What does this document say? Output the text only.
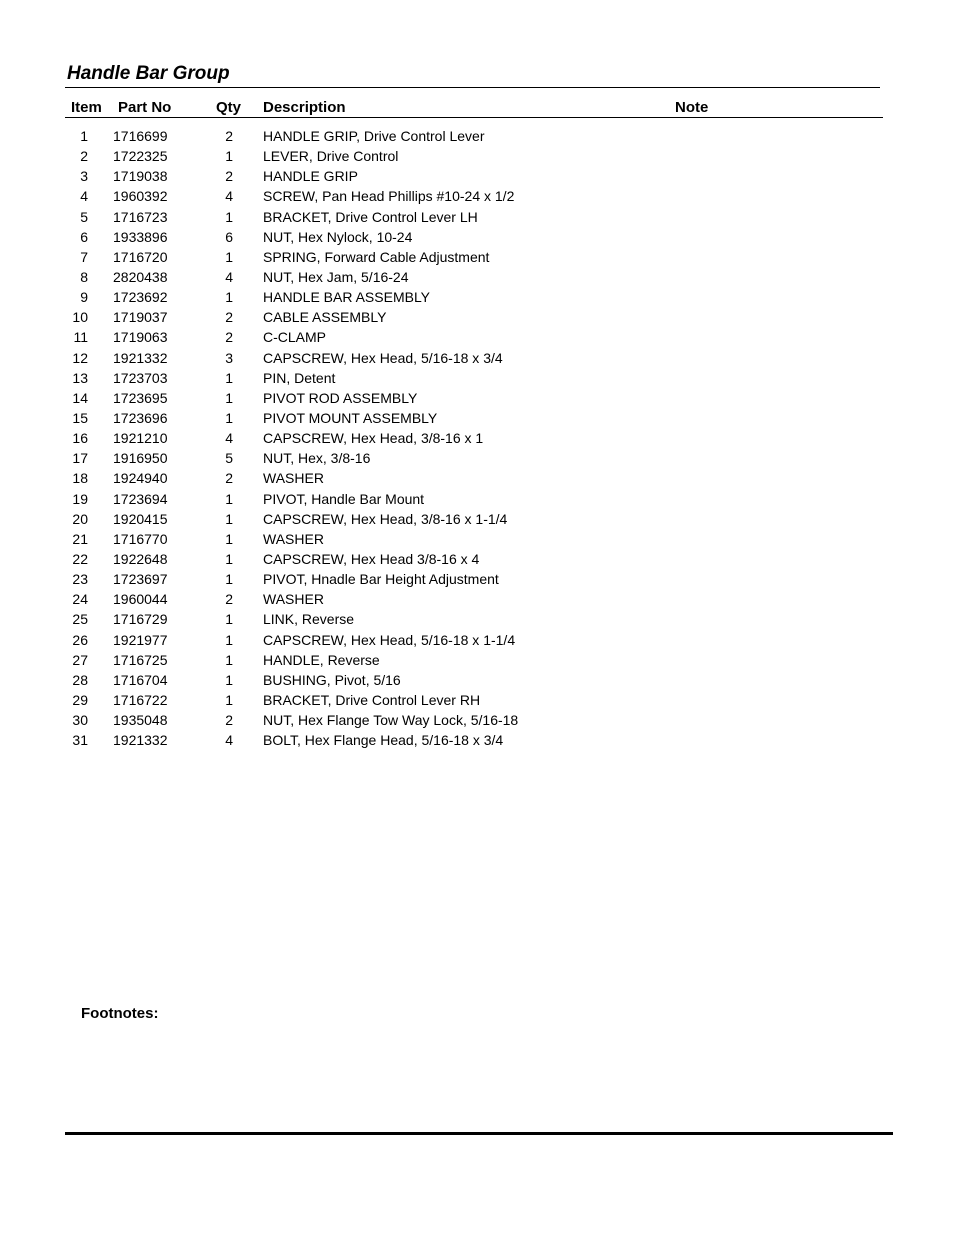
Handle Bar Group
Item Part No	Qty Description	Note
1 1716699	2 HANDLE GRIP, Drive Control Lever
2 1722325	1 LEVER, Drive Control
3 1719038	2 HANDLE GRIP
4 1960392	4 SCREW, Pan Head Phillips #10-24 x 1/2
5 1716723	1 BRACKET, Drive Control Lever LH
6 1933896	6 NUT, Hex Nylock, 10-24
7 1716720	1 SPRING, Forward Cable Adjustment
8 2820438	4 NUT, Hex Jam, 5/16-24
9 1723692	1 HANDLE BAR ASSEMBLY
10 1719037	2 CABLE ASSEMBLY
11 1719063	2 C-CLAMP
12 1921332	3 CAPSCREW, Hex Head, 5/16-18 x 3/4
13 1723703	1 PIN, Detent
14 1723695	1 PIVOT ROD ASSEMBLY
15 1723696	1 PIVOT MOUNT ASSEMBLY
16 1921210	4 CAPSCREW, Hex Head, 3/8-16 x 1
17 1916950	5 NUT, Hex, 3/8-16
18 1924940	2 WASHER
19 1723694	1 PIVOT, Handle Bar Mount
20 1920415	1 CAPSCREW, Hex Head, 3/8-16 x 1-1/4
21 1716770	1 WASHER
22 1922648	1 CAPSCREW, Hex Head 3/8-16 x 4
23 1723697	1 PIVOT, Hnadle Bar Height Adjustment
24 1960044	2 WASHER
25 1716729	1 LINK, Reverse
26 1921977	1 CAPSCREW, Hex Head, 5/16-18 x 1-1/4
27 1716725	1 HANDLE, Reverse
28 1716704	1 BUSHING, Pivot, 5/16
29 1716722	1 BRACKET, Drive Control Lever RH
30 1935048	2 NUT, Hex Flange Tow Way Lock, 5/16-18
31 1921332	4 BOLT, Hex Flange Head, 5/16-18 x 3/4
Footnotes:
